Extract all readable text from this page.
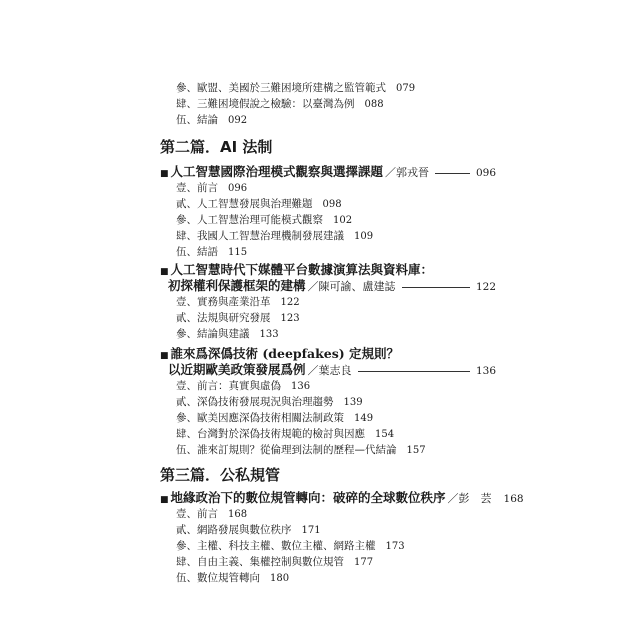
參、歐盟、美國於三難困境所建構之監管範式 079
肆、三難困境假說之檢驗：以臺灣為例 088
伍、結論 092
第二篇．AI 法制
■ 人工智慧國際治理模式觀察與選擇課題 ／郭戎晉	096
壹、前言 096
貳、人工智慧發展與治理難題 098
參、人工智慧治理可能模式觀察 102
肆、我國人工智慧治理機制發展建議 109
伍、結語 115
■ 人工智慧時代下媒體平台數據演算法與資料庫：
初探權利保護框架的建構 ／陳可諭、盧建誌	122
壹、實務與產業沿革 122
貳、法規與研究發展 123
參、結論與建議 133
■ 誰來爲深僞技術 (deepfakes) 定規則？
以近期歐美政策發展爲例 ／葉志良	136
壹、前言：真實與虛偽 136
貳、深偽技術發展現況與治理趨勢 139
參、歐美因應深偽技術相關法制政策 149
肆、台灣對於深偽技術規範的檢討與因應 154
伍、誰來訂規則？從倫理到法制的歷程—代結論 157
第三篇．公私規管
■ 地緣政治下的數位規管轉向：破碎的全球數位秩序 ／彭　芸 168
壹、前言 168
貳、網路發展與數位秩序 171
參、主權、科技主權、數位主權、網路主權 173
肆、自由主義、集權控制與數位規管 177
伍、數位規管轉向 180
